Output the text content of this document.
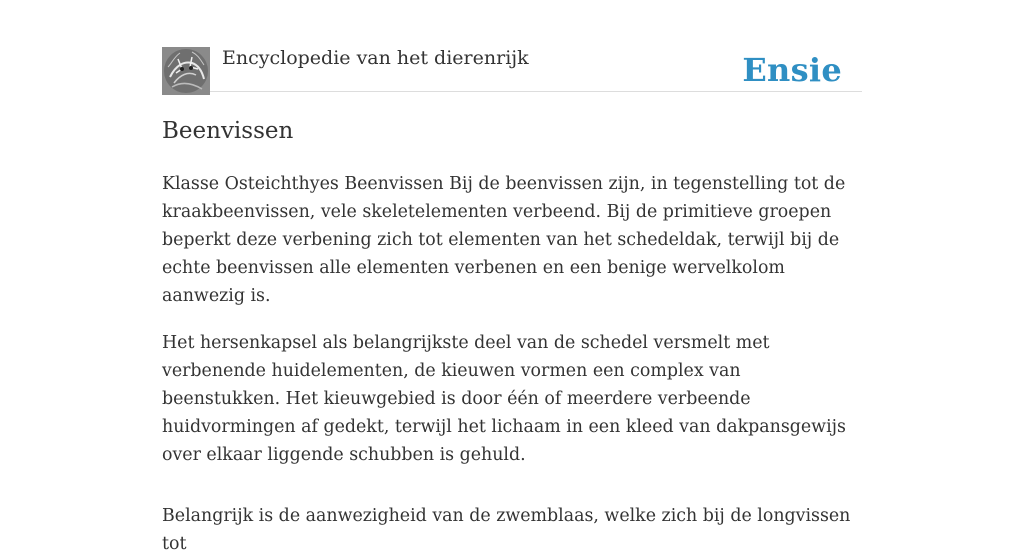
Encyclopedie van het dierenrijk	Ensie
Beenvissen

Klasse Osteichthyes Beenvissen Bij de beenvissen zijn, in tegenstelling tot de kraakbeenvissen, vele skeletelementen verbeend. Bij de primitieve groepen beperkt deze verbening zich tot elementen van het schedeldak, terwijl bij de echte beenvissen alle elementen verbenen en een benige wervelkolom aanwezig is.

Het hersenkapsel als belangrijkste deel van de schedel versmelt met verbenende huidelementen, de kieuwen vormen een complex van beenstukken. Het kieuwgebied is door één of meerdere verbeende huidvormingen af gedekt, terwijl het lichaam in een kleed van dakpansgewijs over elkaar liggende schubben is gehuld.

Belangrijk is de aanwezigheid van de zwemblaas, welke zich bij de longvissen tot
